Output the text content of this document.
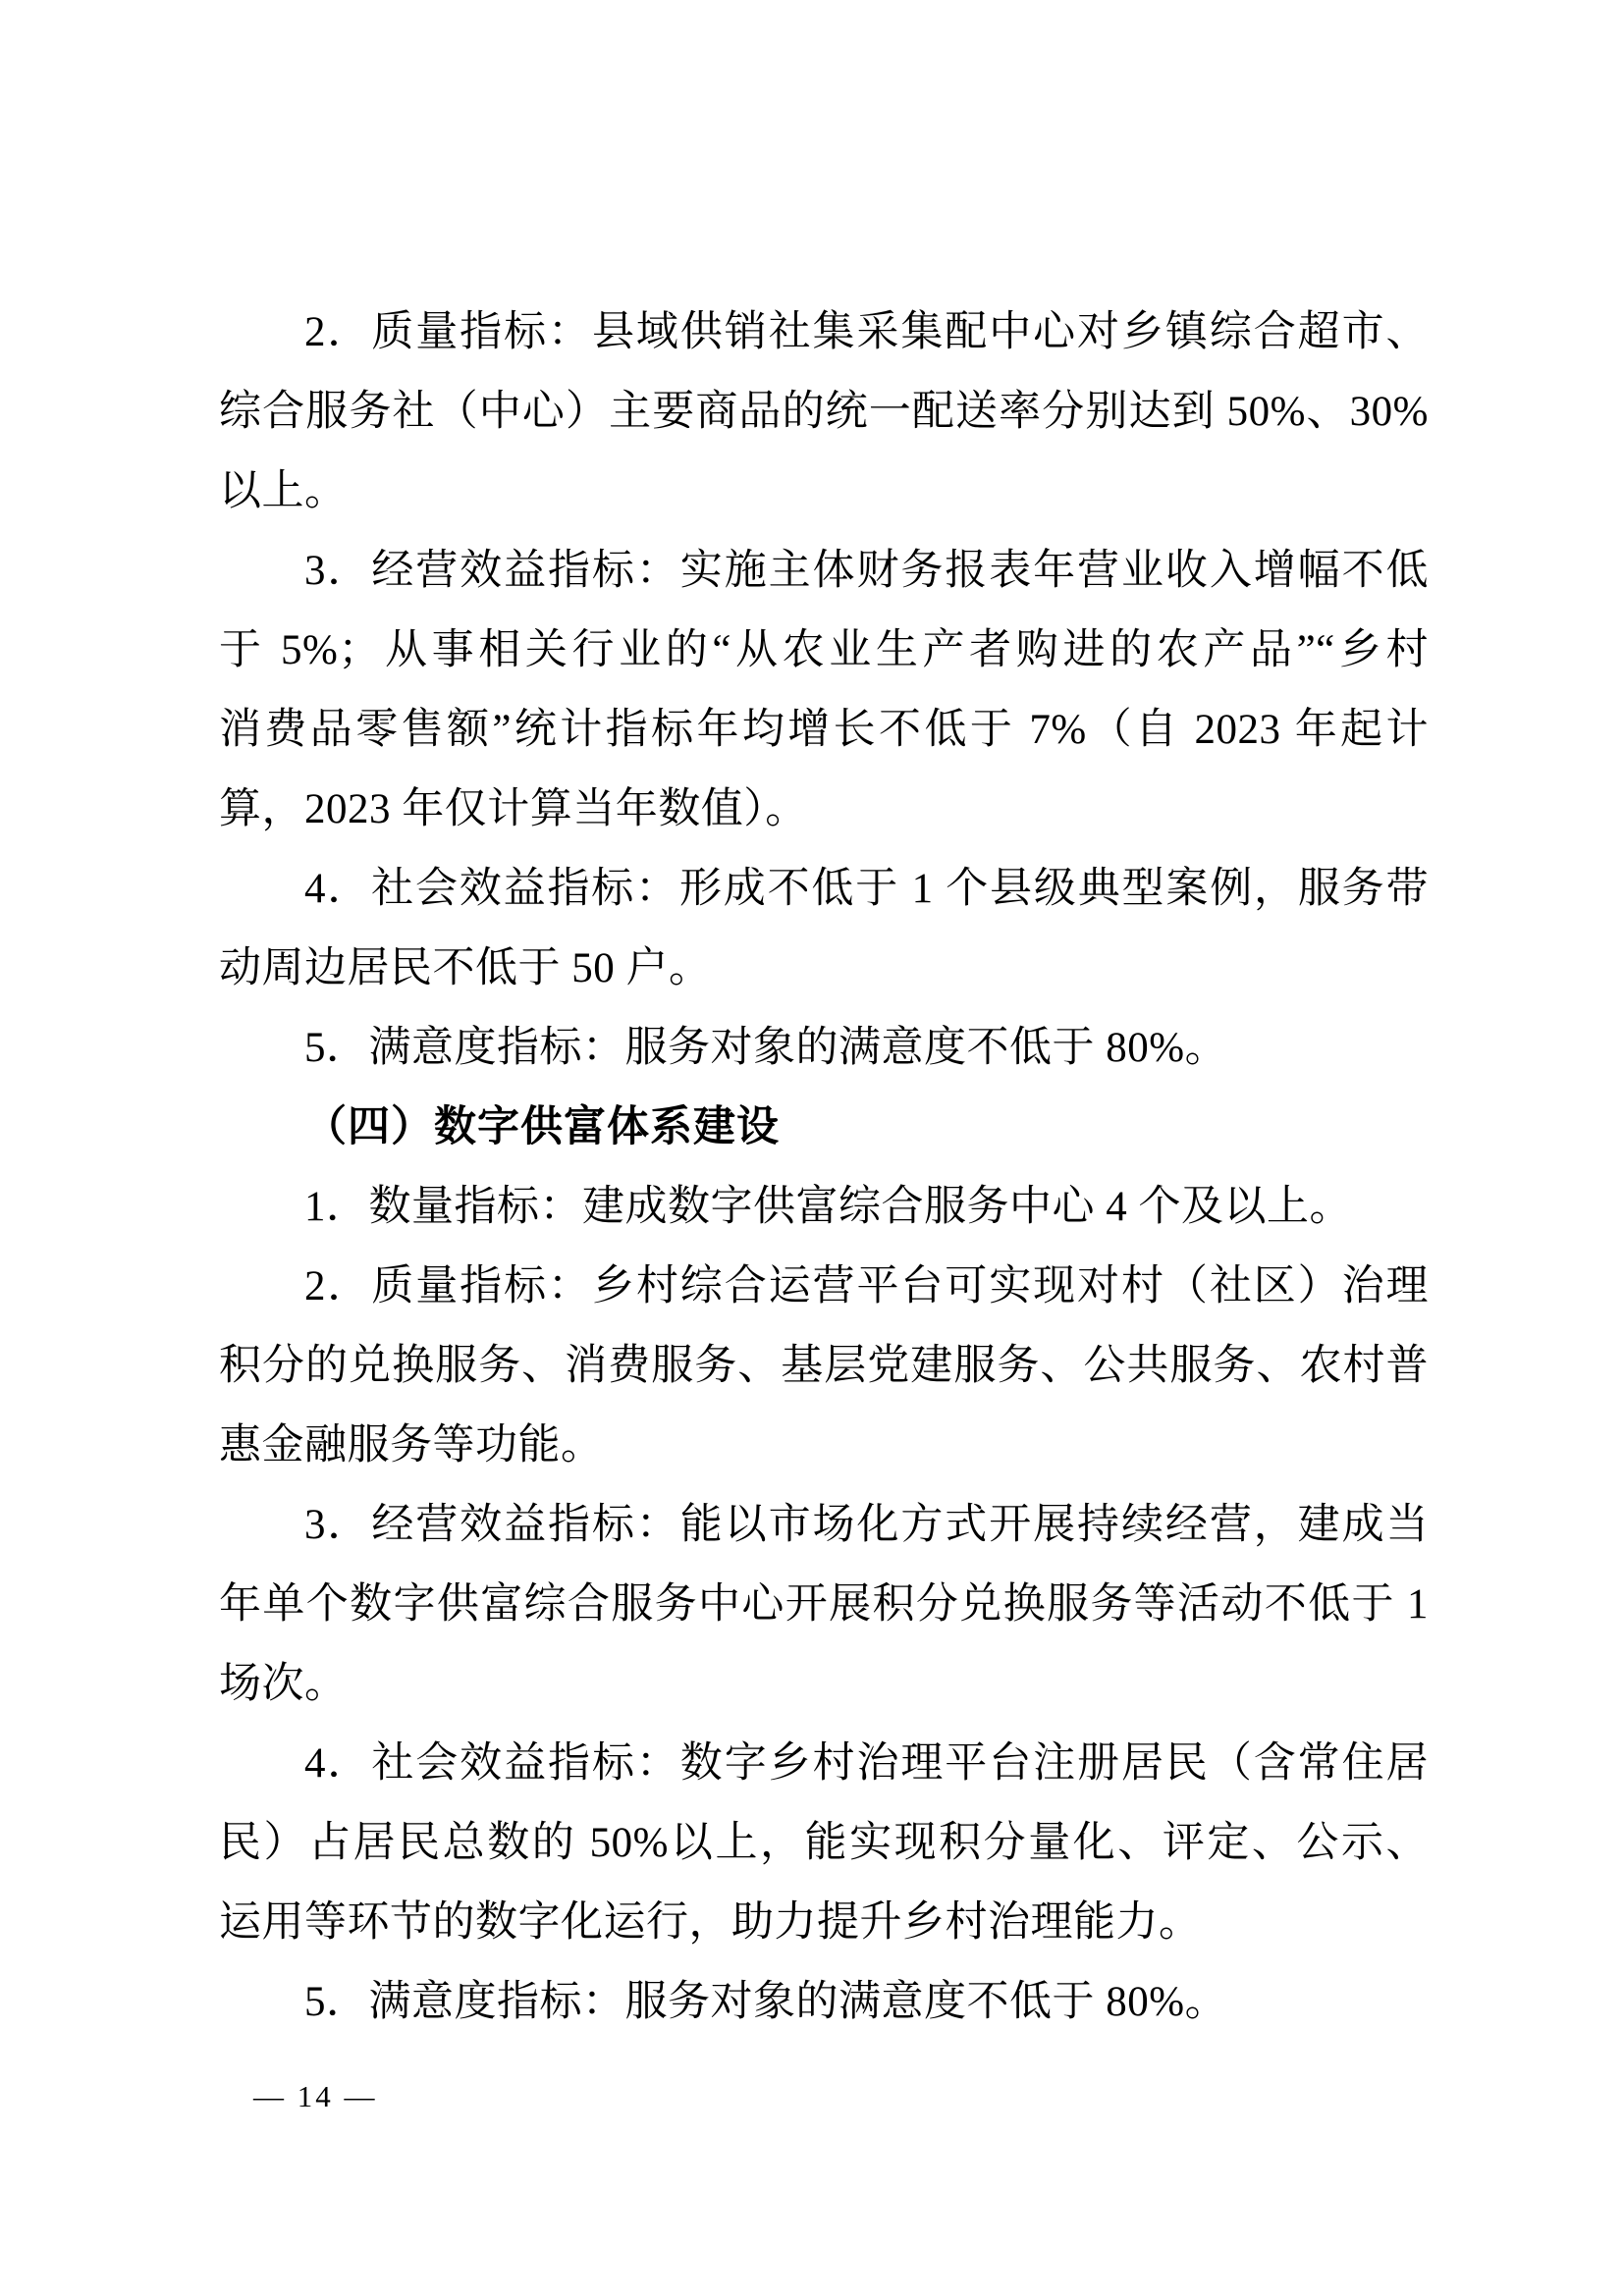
2．质量指标：县域供销社集采集配中心对乡镇综合超市、
综合服务社（中心）主要商品的统一配送率分别达到 50%、30%
以上。

3．经营效益指标：实施主体财务报表年营业收入增幅不低
于 5%；从事相关行业的“从农业生产者购进的农产品”“乡村
消费品零售额”统计指标年均增长不低于 7%（自 2023 年起计
算，2023 年仅计算当年数值）。

4．社会效益指标：形成不低于 1 个县级典型案例，服务带
动周边居民不低于 50 户。

5．满意度指标：服务对象的满意度不低于 80%。

（四）数字供富体系建设

1．数量指标：建成数字供富综合服务中心 4 个及以上。

2．质量指标：乡村综合运营平台可实现对村（社区）治理
积分的兑换服务、消费服务、基层党建服务、公共服务、农村普
惠金融服务等功能。

3．经营效益指标：能以市场化方式开展持续经营，建成当
年单个数字供富综合服务中心开展积分兑换服务等活动不低于 1
场次。

4．社会效益指标：数字乡村治理平台注册居民（含常住居
民）占居民总数的 50%以上，能实现积分量化、评定、公示、
运用等环节的数字化运行，助力提升乡村治理能力。

5．满意度指标：服务对象的满意度不低于 80%。

— 14 —
